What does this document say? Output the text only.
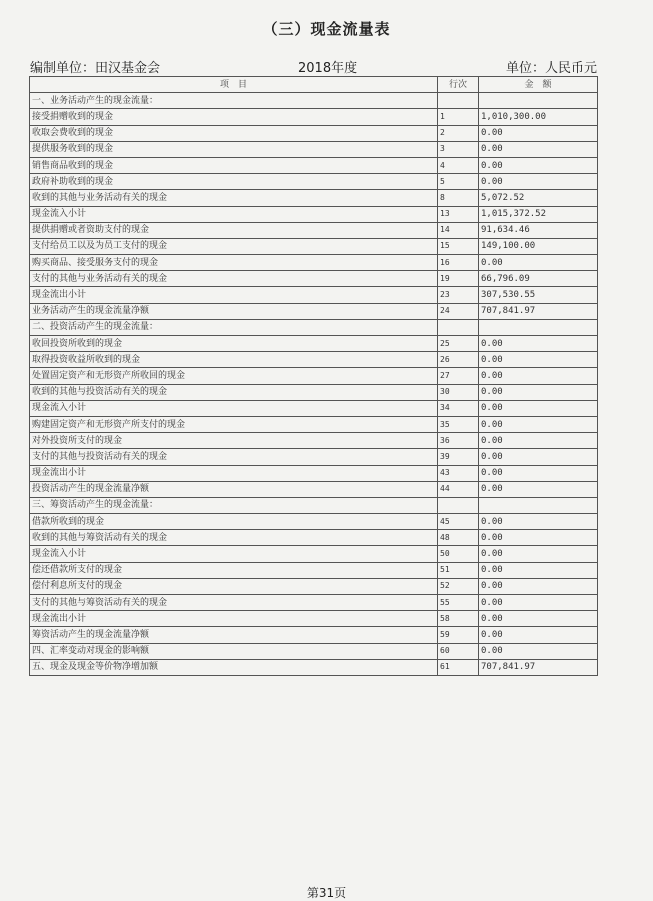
（三）现金流量表
编制单位：田汉基金会	2018年度	单位：人民币元
项　目	行次	金　额
一、业务活动产生的现金流量：		
接受捐赠收到的现金	1	1,010,300.00
收取会费收到的现金	2	0.00
提供服务收到的现金	3	0.00
销售商品收到的现金	4	0.00
政府补助收到的现金	5	0.00
收到的其他与业务活动有关的现金	8	5,072.52
现金流入小计	13	1,015,372.52
提供捐赠或者资助支付的现金	14	91,634.46
支付给员工以及为员工支付的现金	15	149,100.00
购买商品、接受服务支付的现金	16	0.00
支付的其他与业务活动有关的现金	19	66,796.09
现金流出小计	23	307,530.55
业务活动产生的现金流量净额	24	707,841.97
二、投资活动产生的现金流量：		
收回投资所收到的现金	25	0.00
取得投资收益所收到的现金	26	0.00
处置固定资产和无形资产所收回的现金	27	0.00
收到的其他与投资活动有关的现金	30	0.00
现金流入小计	34	0.00
购建固定资产和无形资产所支付的现金	35	0.00
对外投资所支付的现金	36	0.00
支付的其他与投资活动有关的现金	39	0.00
现金流出小计	43	0.00
投资活动产生的现金流量净额	44	0.00
三、筹资活动产生的现金流量：		
借款所收到的现金	45	0.00
收到的其他与筹资活动有关的现金	48	0.00
现金流入小计	50	0.00
偿还借款所支付的现金	51	0.00
偿付利息所支付的现金	52	0.00
支付的其他与筹资活动有关的现金	55	0.00
现金流出小计	58	0.00
筹资活动产生的现金流量净额	59	0.00
四、汇率变动对现金的影响额	60	0.00
五、现金及现金等价物净增加额	61	707,841.97
第31页
